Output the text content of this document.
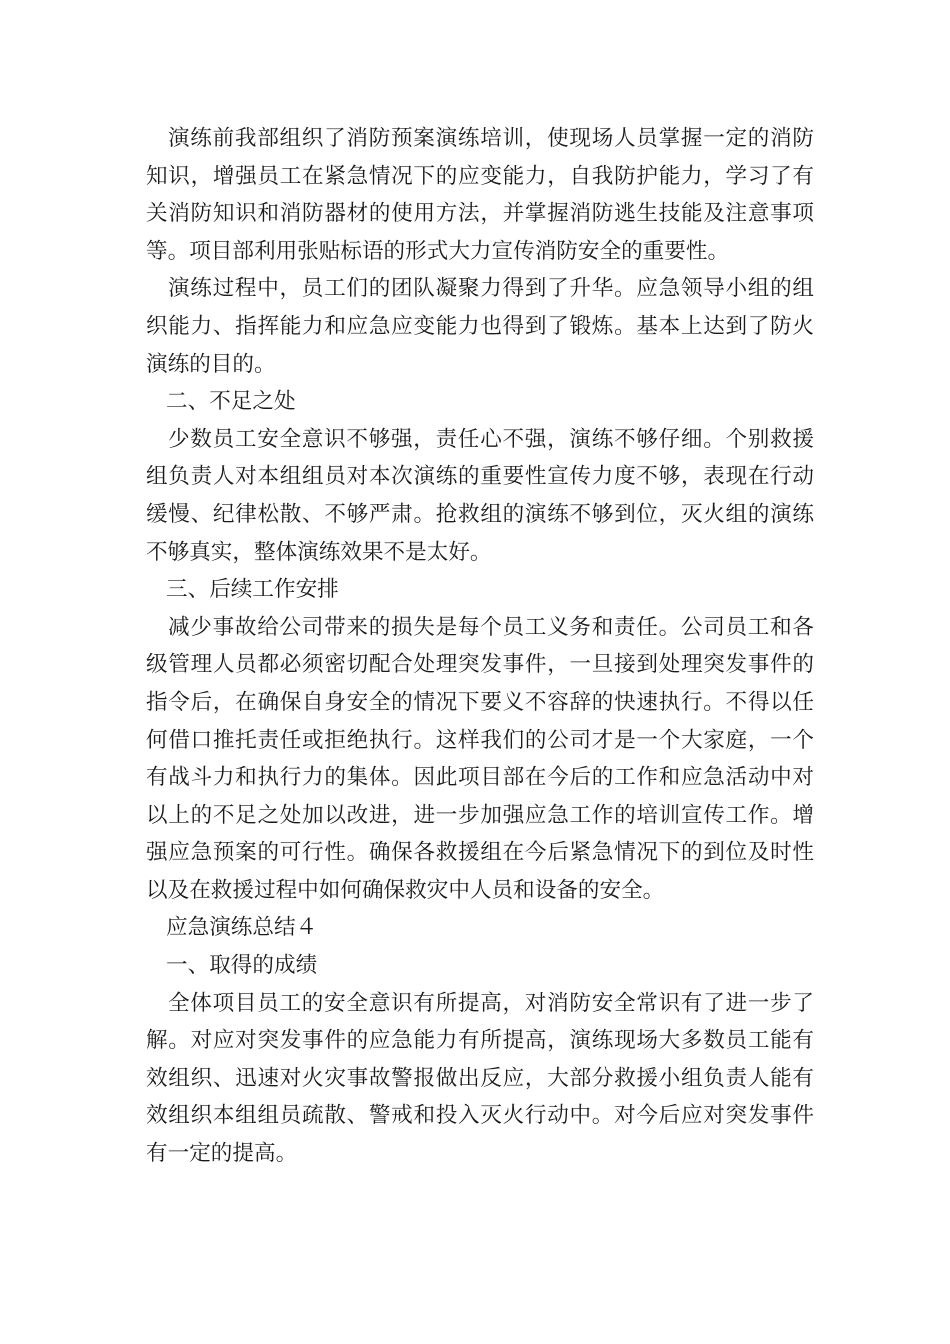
演练前我部组织了消防预案演练培训，使现场人员掌握一定的消防知识，增强员工在紧急情况下的应变能力，自我防护能力，学习了有关消防知识和消防器材的使用方法，并掌握消防逃生技能及注意事项等。项目部利用张贴标语的形式大力宣传消防安全的重要性。

演练过程中，员工们的团队凝聚力得到了升华。应急领导小组的组织能力、指挥能力和应急应变能力也得到了锻炼。基本上达到了防火演练的目的。

二、不足之处

少数员工安全意识不够强，责任心不强，演练不够仔细。个别救援组负责人对本组组员对本次演练的重要性宣传力度不够，表现在行动缓慢、纪律松散、不够严肃。抢救组的演练不够到位，灭火组的演练不够真实，整体演练效果不是太好。

三、后续工作安排

减少事故给公司带来的损失是每个员工义务和责任。公司员工和各级管理人员都必须密切配合处理突发事件，一旦接到处理突发事件的指令后，在确保自身安全的情况下要义不容辞的快速执行。不得以任何借口推托责任或拒绝执行。这样我们的公司才是一个大家庭，一个有战斗力和执行力的集体。因此项目部在今后的工作和应急活动中对以上的不足之处加以改进，进一步加强应急工作的培训宣传工作。增强应急预案的可行性。确保各救援组在今后紧急情况下的到位及时性以及在救援过程中如何确保救灾中人员和设备的安全。

应急演练总结４

一、取得的成绩

全体项目员工的安全意识有所提高，对消防安全常识有了进一步了解。对应对突发事件的应急能力有所提高，演练现场大多数员工能有效组织、迅速对火灾事故警报做出反应，大部分救援小组负责人能有效组织本组组员疏散、警戒和投入灭火行动中。对今后应对突发事件有一定的提高。
